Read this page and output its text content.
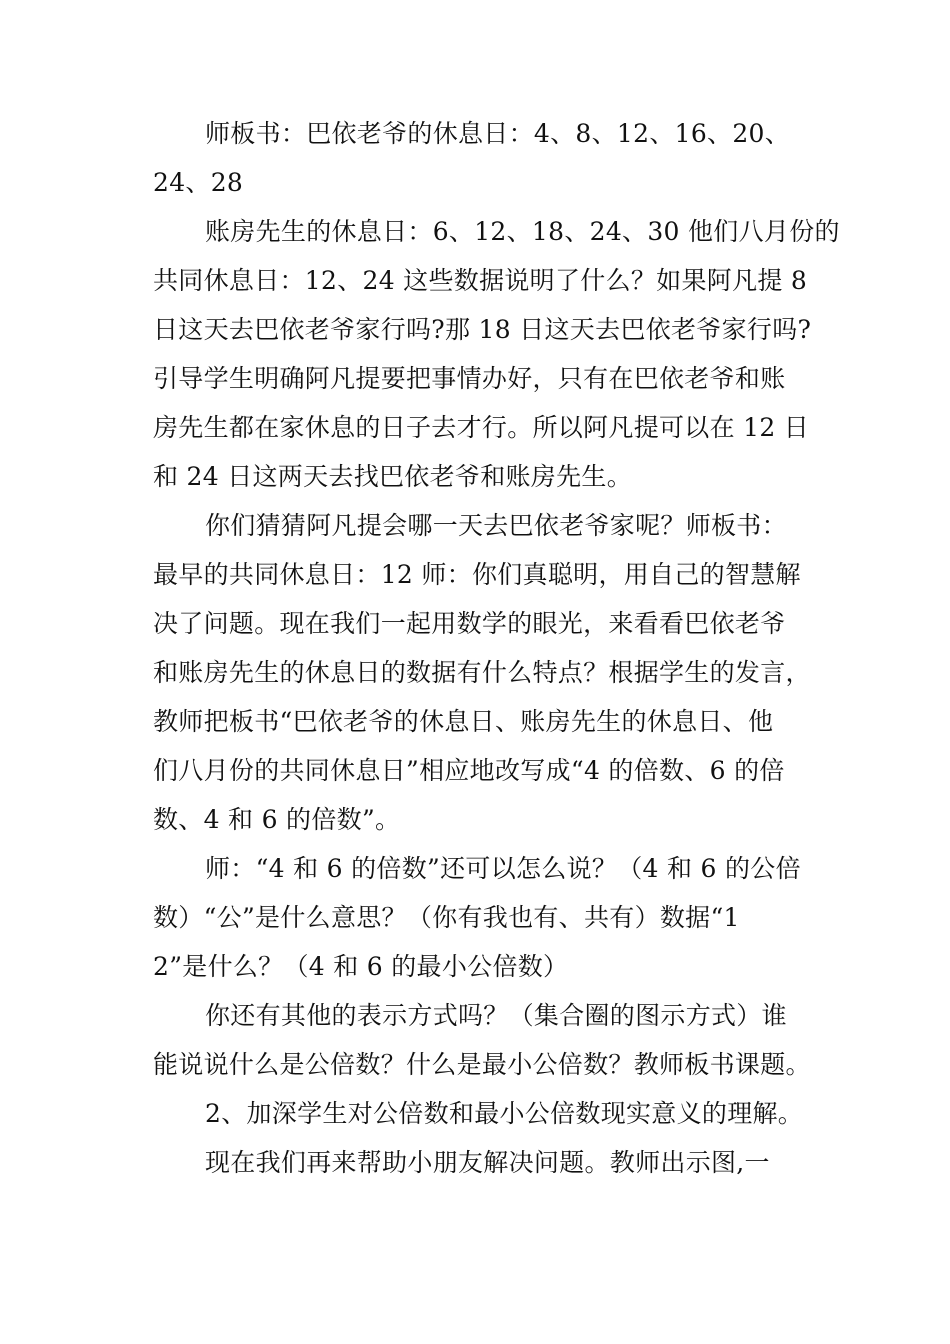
师板书：巴依老爷的休息日：4、8、12、16、20、
24、28
账房先生的休息日：6、12、18、24、30 他们八月份的
共同休息日：12、24 这些数据说明了什么？如果阿凡提 8
日这天去巴依老爷家行吗?那 18 日这天去巴依老爷家行吗?
引导学生明确阿凡提要把事情办好，只有在巴依老爷和账
房先生都在家休息的日子去才行。所以阿凡提可以在 12 日
和 24 日这两天去找巴依老爷和账房先生。
你们猜猜阿凡提会哪一天去巴依老爷家呢？师板书：
最早的共同休息日：12 师：你们真聪明，用自己的智慧解
决了问题。现在我们一起用数学的眼光，来看看巴依老爷
和账房先生的休息日的数据有什么特点？根据学生的发言，
教师把板书“巴依老爷的休息日、账房先生的休息日、他
们八月份的共同休息日”相应地改写成“4 的倍数、6 的倍
数、4 和 6 的倍数”。
师：“4 和 6 的倍数”还可以怎么说？（4 和 6 的公倍
数）“公”是什么意思？（你有我也有、共有）数据“1
2”是什么？（4 和 6 的最小公倍数）
你还有其他的表示方式吗？（集合圈的图示方式）谁
能说说什么是公倍数？什么是最小公倍数？教师板书课题。
2、加深学生对公倍数和最小公倍数现实意义的理解。
现在我们再来帮助小朋友解决问题。教师出示图,一
